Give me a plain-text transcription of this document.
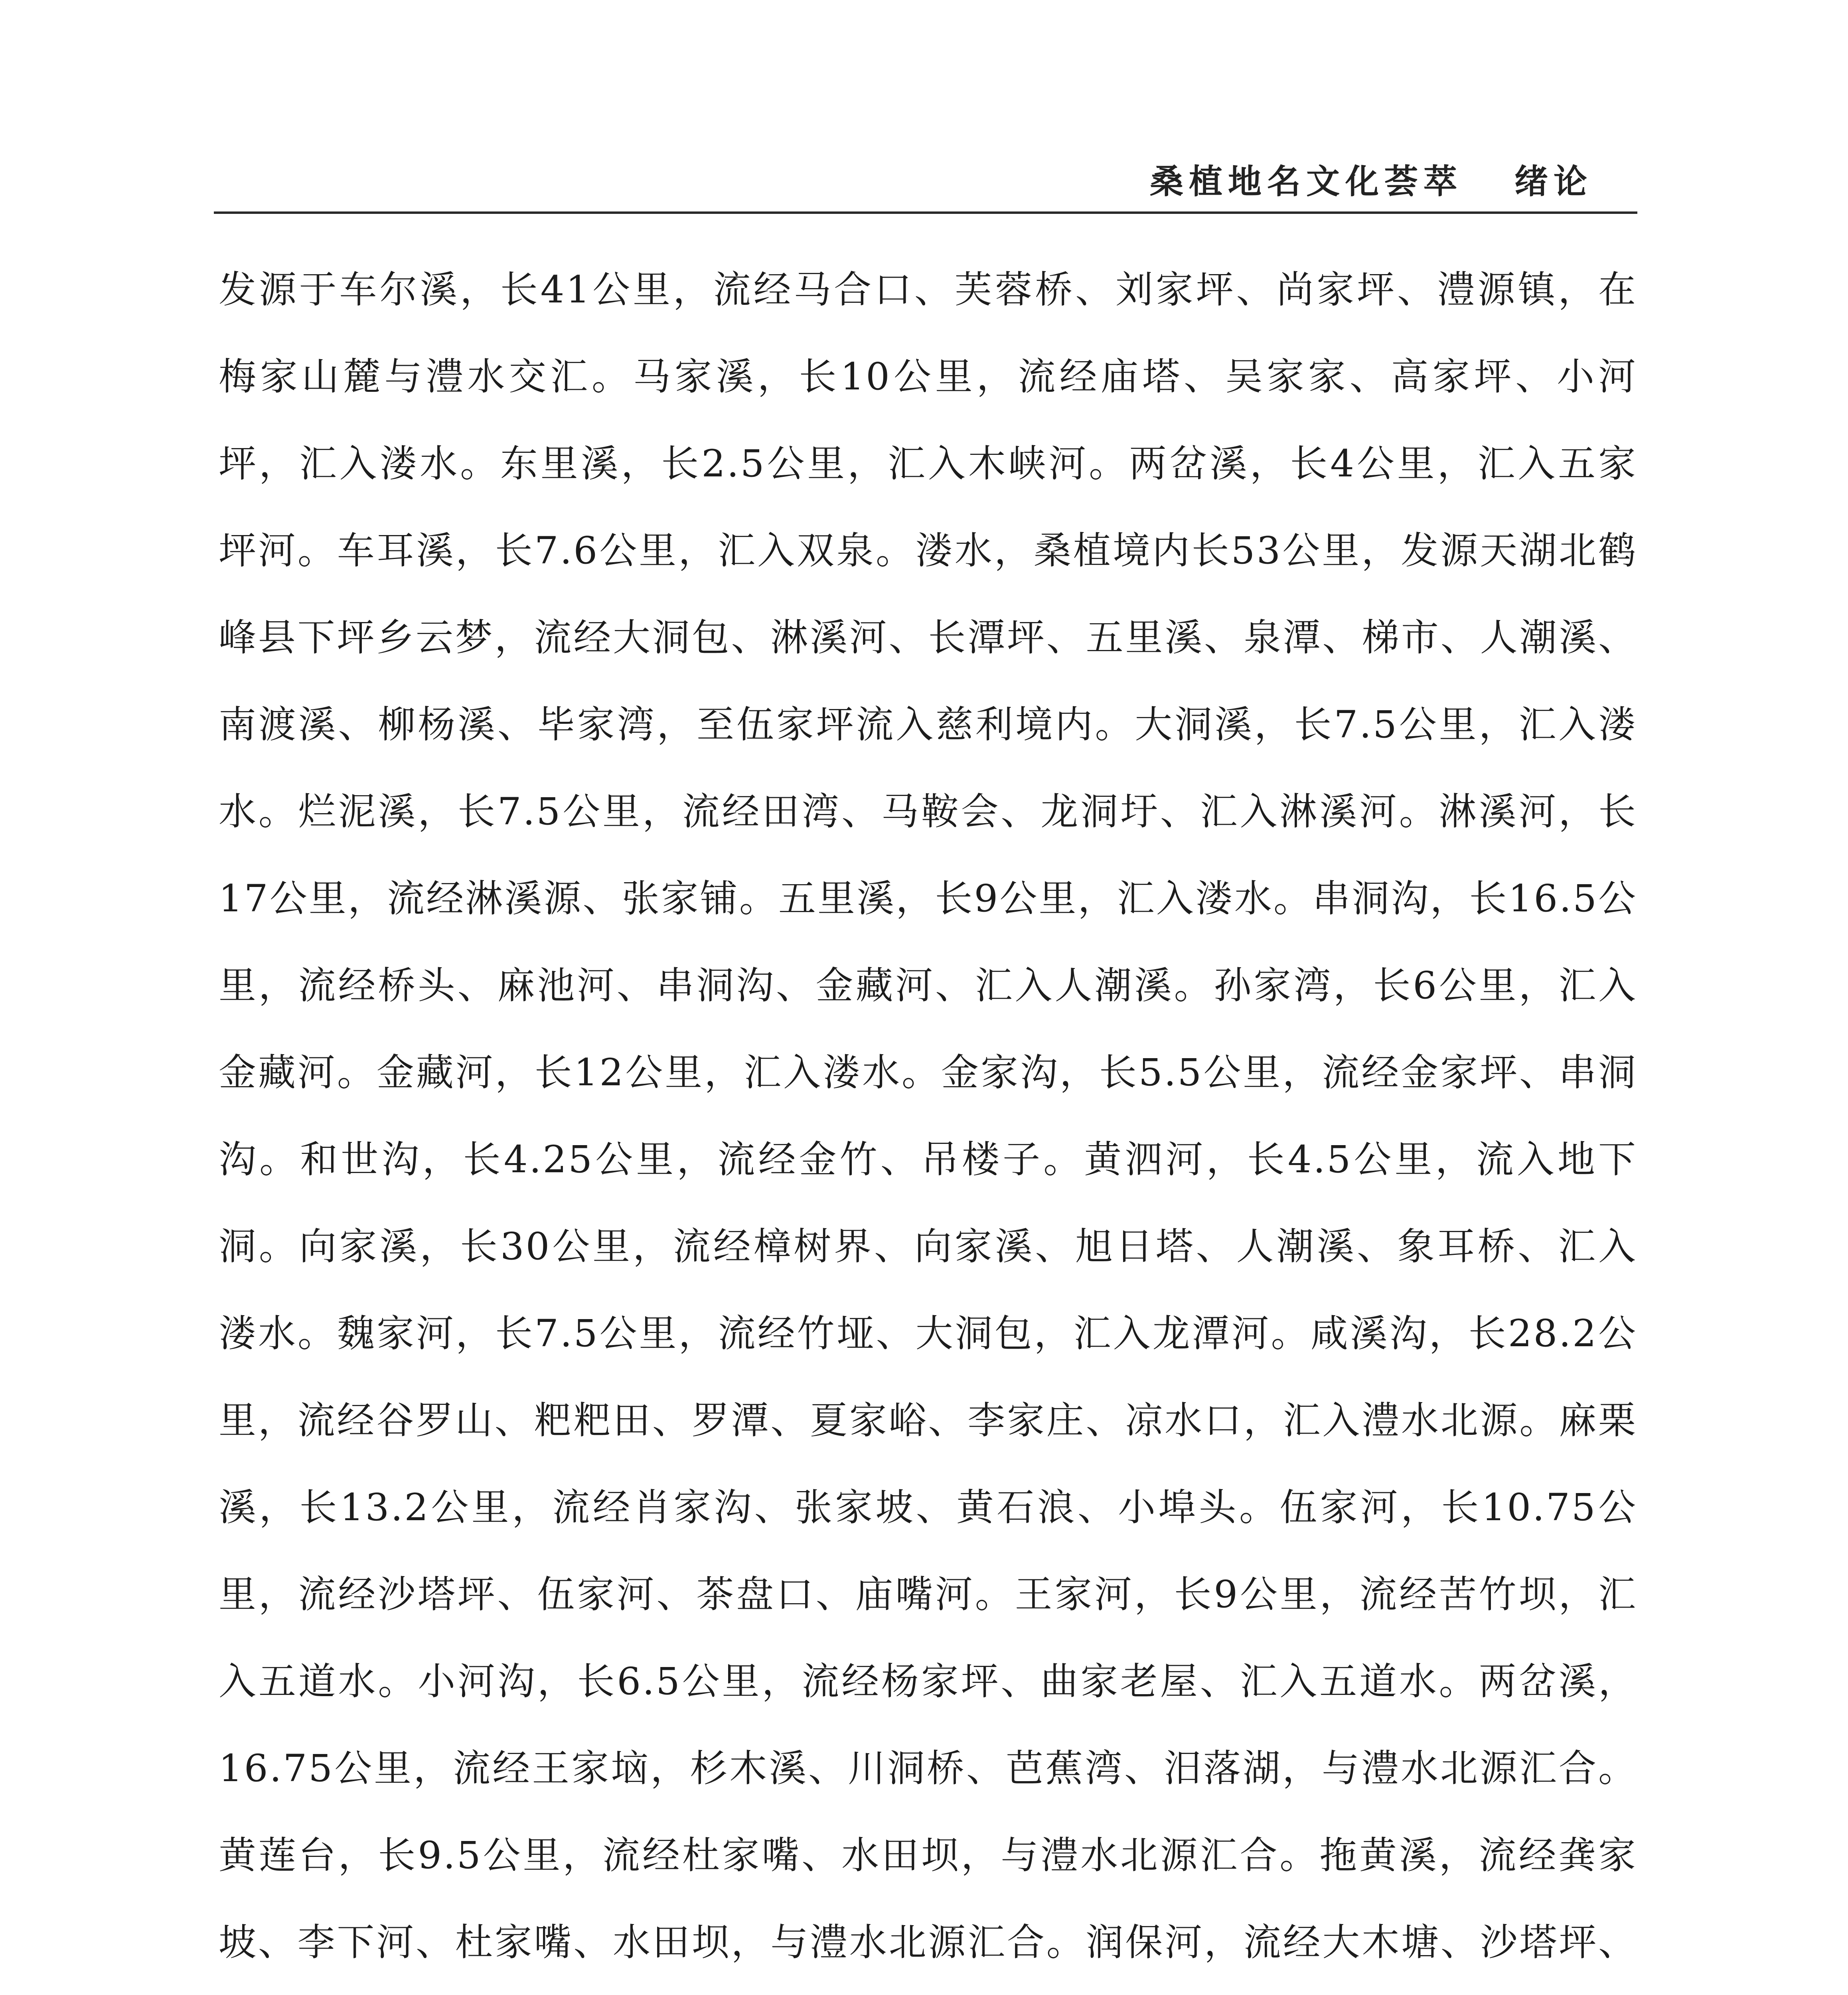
桑植地名文化荟萃 绪论

发源于车尔溪，长41公里，流经马合口、芙蓉桥、刘家坪、尚家坪、澧源镇，在梅家山麓与澧水交汇。马家溪，长10公里，流经庙塔、吴家家、高家坪、小河坪，汇入溇水。东里溪，长2.5公里，汇入木峡河。两岔溪，长4公里，汇入五家坪河。车耳溪，长7.6公里，汇入双泉。溇水，桑植境内长53公里，发源天湖北鹤峰县下坪乡云梦，流经大洞包、淋溪河、长潭坪、五里溪、泉潭、梯市、人潮溪、南渡溪、柳杨溪、毕家湾，至伍家坪流入慈利境内。大洞溪，长7.5公里，汇入溇水。烂泥溪，长7.5公里，流经田湾、马鞍会、龙洞圩、汇入淋溪河。淋溪河，长17公里，流经淋溪源、张家铺。五里溪，长9公里，汇入溇水。串洞沟，长16.5公里，流经桥头、麻池河、串洞沟、金藏河、汇入人潮溪。孙家湾，长6公里，汇入金藏河。金藏河，长12公里，汇入溇水。金家沟，长5.5公里，流经金家坪、串洞沟。和世沟，长4.25公里，流经金竹、吊楼子。黄泗河，长4.5公里，流入地下洞。向家溪，长30公里，流经樟树界、向家溪、旭日塔、人潮溪、象耳桥、汇入溇水。魏家河，长7.5公里，流经竹垭、大洞包，汇入龙潭河。咸溪沟，长28.2公里，流经谷罗山、粑粑田、罗潭、夏家峪、李家庄、凉水口，汇入澧水北源。麻栗溪，长13.2公里，流经肖家沟、张家坡、黄石浪、小埠头。伍家河，长10.75公里，流经沙塔坪、伍家河、茶盘口、庙嘴河。王家河，长9公里，流经苦竹坝，汇入五道水。小河沟，长6.5公里，流经杨家坪、曲家老屋、汇入五道水。两岔溪，16.75公里，流经王家垴，杉木溪、川洞桥、芭蕉湾、汨落湖，与澧水北源汇合。黄莲台，长9.5公里，流经杜家嘴、水田坝，与澧水北源汇合。拖黄溪，流经龚家坡、李下河、杜家嘴、水田坝，与澧水北源汇合。润保河，流经大木塘、沙塔坪、
